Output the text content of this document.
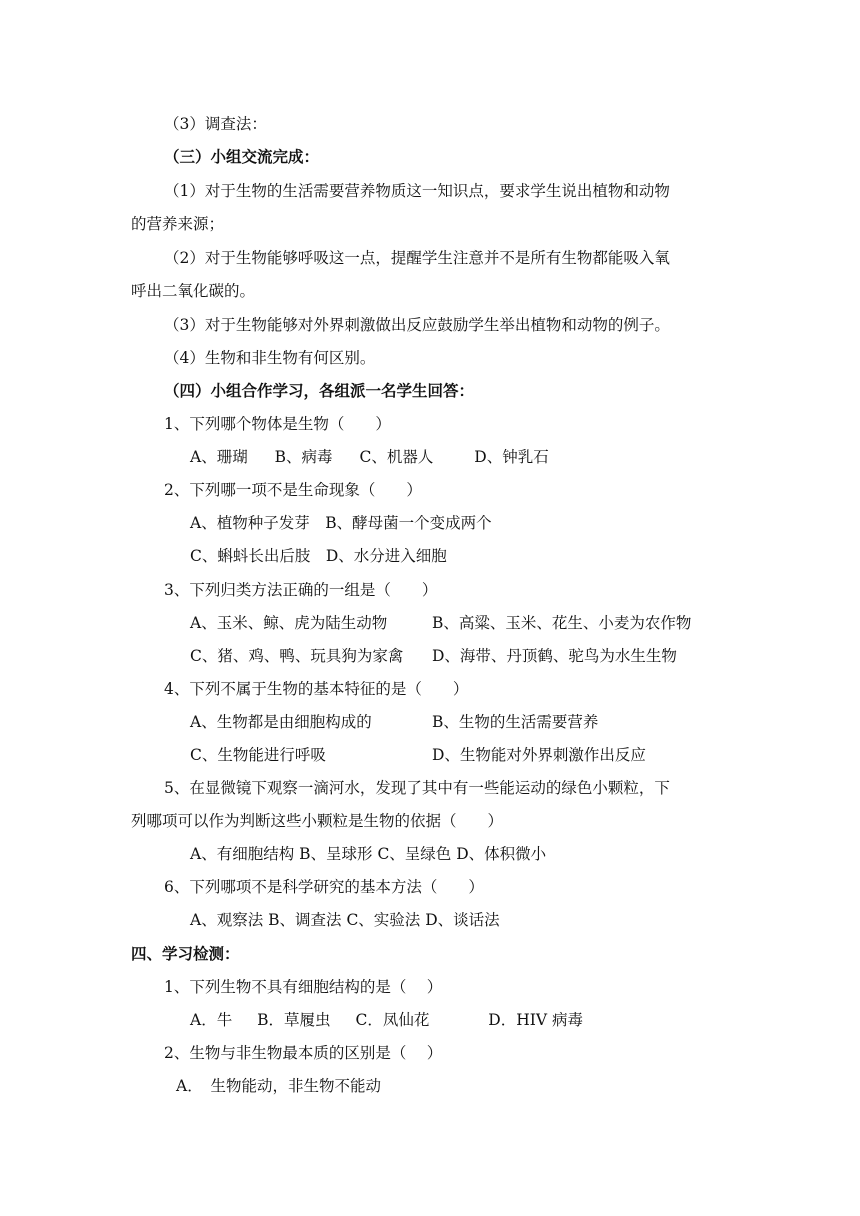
（3）调查法：
（三）小组交流完成：
（1）对于生物的生活需要营养物质这一知识点，要求学生说出植物和动物
的营养来源；
（2）对于生物能够呼吸这一点，提醒学生注意并不是所有生物都能吸入氧
呼出二氧化碳的。
（3）对于生物能够对外界刺激做出反应鼓励学生举出植物和动物的例子。
（4）生物和非生物有何区别。
（四）小组合作学习，各组派一名学生回答：
1、下列哪个物体是生物（　　）
A、珊瑚 B、病毒 C、机器人	D、钟乳石
2、下列哪一项不是生命现象（　　）
A、植物种子发芽　B、酵母菌一个变成两个
C、蝌蚪长出后肢　D、水分进入细胞
3、下列归类方法正确的一组是（　　）
A、玉米、鲸、虎为陆生动物	B、高粱、玉米、花生、小麦为农作物
C、猪、鸡、鸭、玩具狗为家禽 D、海带、丹顶鹤、驼鸟为水生生物
4、下列不属于生物的基本特征的是（　　）
A、生物都是由细胞构成的	B、生物的生活需要营养
C、生物能进行呼吸	D、生物能对外界刺激作出反应
5、在显微镜下观察一滴河水，发现了其中有一些能运动的绿色小颗粒，下
列哪项可以作为判断这些小颗粒是生物的依据（　　）
A、有细胞结构 B、呈球形 C、呈绿色 D、体积微小
6、下列哪项不是科学研究的基本方法（　　）
A、观察法 B、调查法 C、实验法 D、谈话法
四、学习检测：
1、下列生物不具有细胞结构的是（　 ）
A．牛 B．草履虫 C．凤仙花	D．HIV 病毒
2、生物与非生物最本质的区别是（　 ）
A．　生物能动，非生物不能动
